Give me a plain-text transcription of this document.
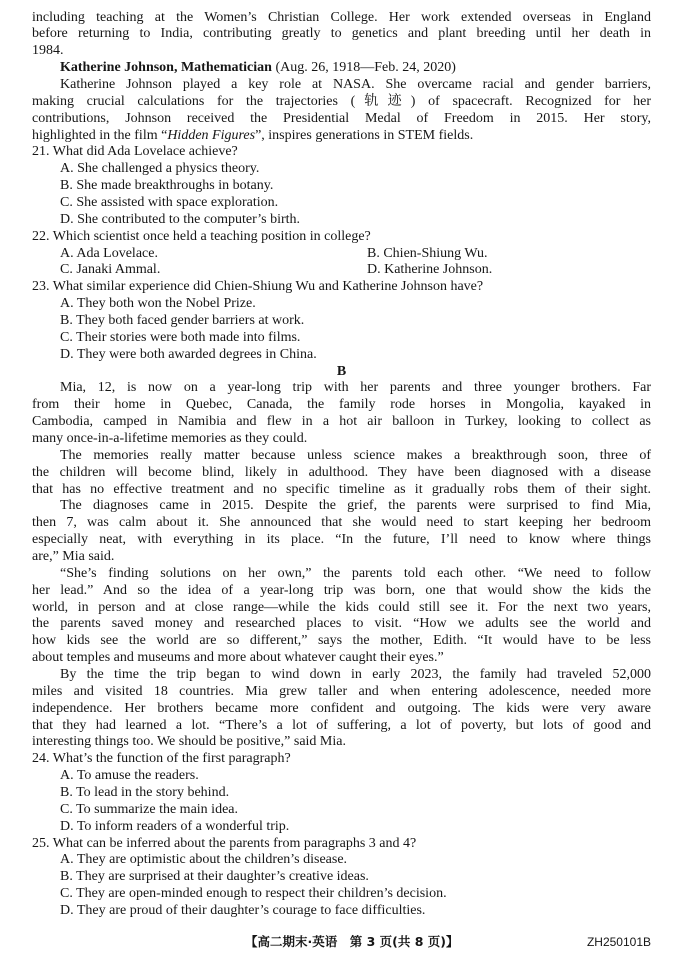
including teaching at the Women’s Christian College. Her work extended overseas in England
before returning to India, contributing greatly to genetics and plant breeding until her death in
1984.
Katherine Johnson, Mathematician (Aug. 26, 1918—Feb. 24, 2020)
Katherine Johnson played a key role at NASA. She overcame racial and gender barriers,
making crucial calculations for the trajectories (轨迹) of spacecraft. Recognized for her
contributions, Johnson received the Presidential Medal of Freedom in 2015. Her story,
highlighted in the film “Hidden Figures”, inspires generations in STEM fields.
21. What did Ada Lovelace achieve?
A. She challenged a physics theory.
B. She made breakthroughs in botany.
C. She assisted with space exploration.
D. She contributed to the computer’s birth.
22. Which scientist once held a teaching position in college?
A. Ada Lovelace.	B. Chien-Shiung Wu.
C. Janaki Ammal.	D. Katherine Johnson.
23. What similar experience did Chien-Shiung Wu and Katherine Johnson have?
A. They both won the Nobel Prize.
B. They both faced gender barriers at work.
C. Their stories were both made into films.
D. They were both awarded degrees in China.
B
Mia, 12, is now on a year-long trip with her parents and three younger brothers. Far
from their home in Quebec, Canada, the family rode horses in Mongolia, kayaked in
Cambodia, camped in Namibia and flew in a hot air balloon in Turkey, looking to collect as
many once-in-a-lifetime memories as they could.
The memories really matter because unless science makes a breakthrough soon, three of
the children will become blind, likely in adulthood. They have been diagnosed with a disease
that has no effective treatment and no specific timeline as it gradually robs them of their sight.
The diagnoses came in 2015. Despite the grief, the parents were surprised to find Mia,
then 7, was calm about it. She announced that she would need to start keeping her bedroom
especially neat, with everything in its place. “In the future, I’ll need to know where things
are,” Mia said.
“She’s finding solutions on her own,” the parents told each other. “We need to follow
her lead.” And so the idea of a year-long trip was born, one that would show the kids the
world, in person and at close range—while the kids could still see it. For the next two years,
the parents saved money and researched places to visit. “How we adults see the world and
how kids see the world are so different,” says the mother, Edith. “It would have to be less
about temples and museums and more about whatever caught their eyes.”
By the time the trip began to wind down in early 2023, the family had traveled 52,000
miles and visited 18 countries. Mia grew taller and when entering adolescence, needed more
independence. Her brothers became more confident and outgoing. The kids were very aware
that they had learned a lot. “There’s a lot of suffering, a lot of poverty, but lots of good and
interesting things too. We should be positive,” said Mia.
24. What’s the function of the first paragraph?
A. To amuse the readers.
B. To lead in the story behind.
C. To summarize the main idea.
D. To inform readers of a wonderful trip.
25. What can be inferred about the parents from paragraphs 3 and 4?
A. They are optimistic about the children’s disease.
B. They are surprised at their daughter’s creative ideas.
C. They are open-minded enough to respect their children’s decision.
D. They are proud of their daughter’s courage to face difficulties.
【高二期末·英语　第 3 页(共 8 页)】	ZH250101B
